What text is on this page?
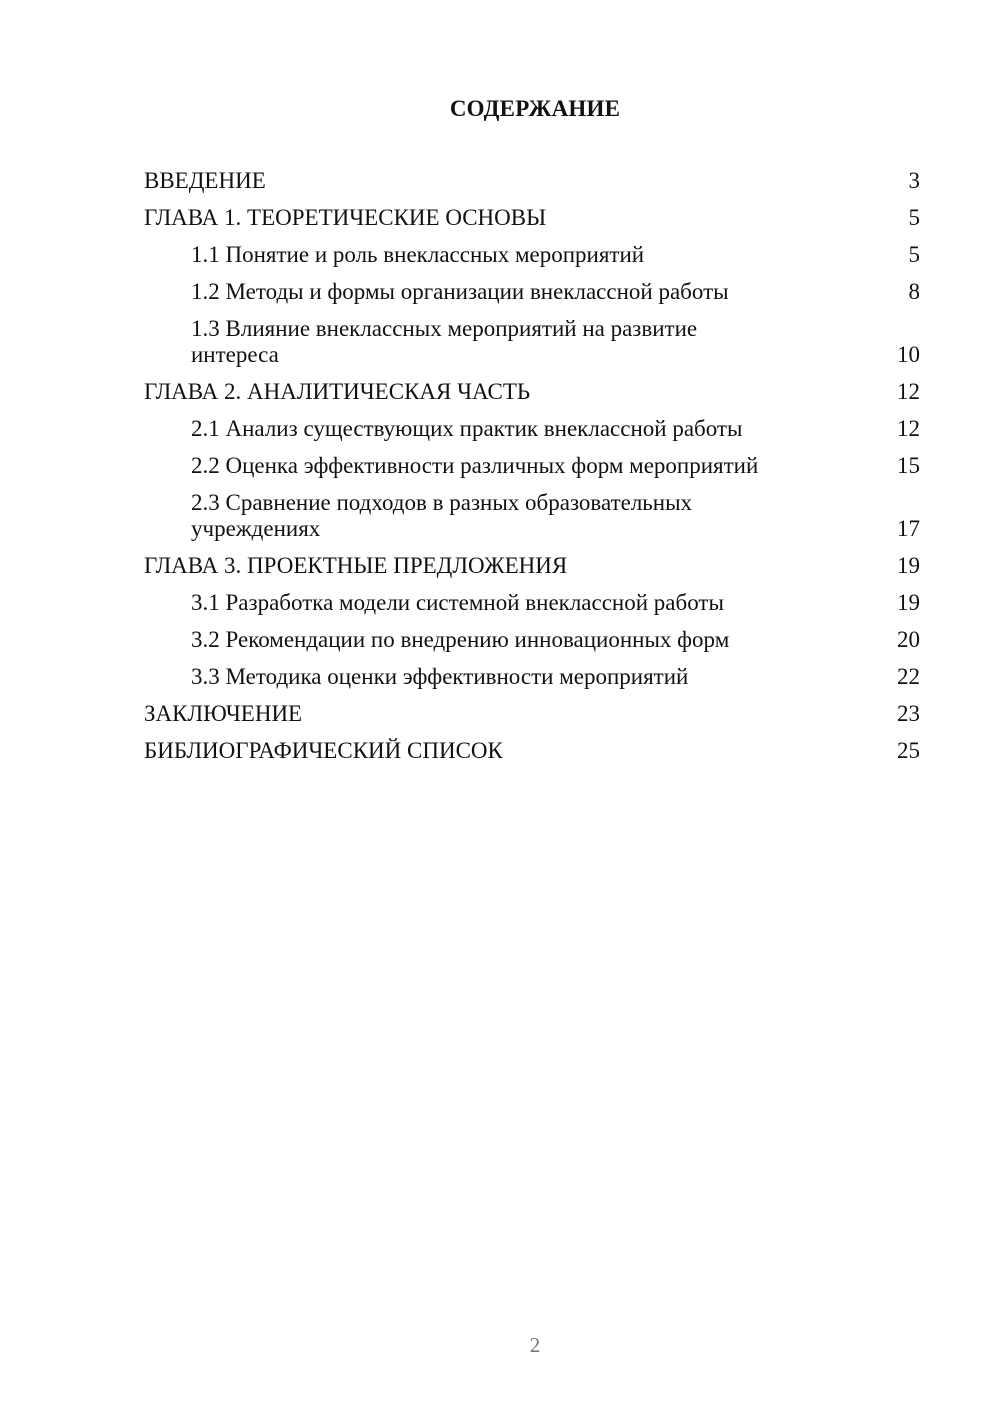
СОДЕРЖАНИЕ
ВВЕДЕНИЕ	3
ГЛАВА 1. ТЕОРЕТИЧЕСКИЕ ОСНОВЫ	5
1.1 Понятие и роль внеклассных мероприятий	5
1.2 Методы и формы организации внеклассной работы	8
1.3 Влияние внеклассных мероприятий на развитие интереса	10
ГЛАВА 2. АНАЛИТИЧЕСКАЯ ЧАСТЬ	12
2.1 Анализ существующих практик внеклассной работы	12
2.2 Оценка эффективности различных форм мероприятий	15
2.3 Сравнение подходов в разных образовательных учреждениях	17
ГЛАВА 3. ПРОЕКТНЫЕ ПРЕДЛОЖЕНИЯ	19
3.1 Разработка модели системной внеклассной работы	19
3.2 Рекомендации по внедрению инновационных форм	20
3.3 Методика оценки эффективности мероприятий	22
ЗАКЛЮЧЕНИЕ	23
БИБЛИОГРАФИЧЕСКИЙ СПИСОК	25
2
